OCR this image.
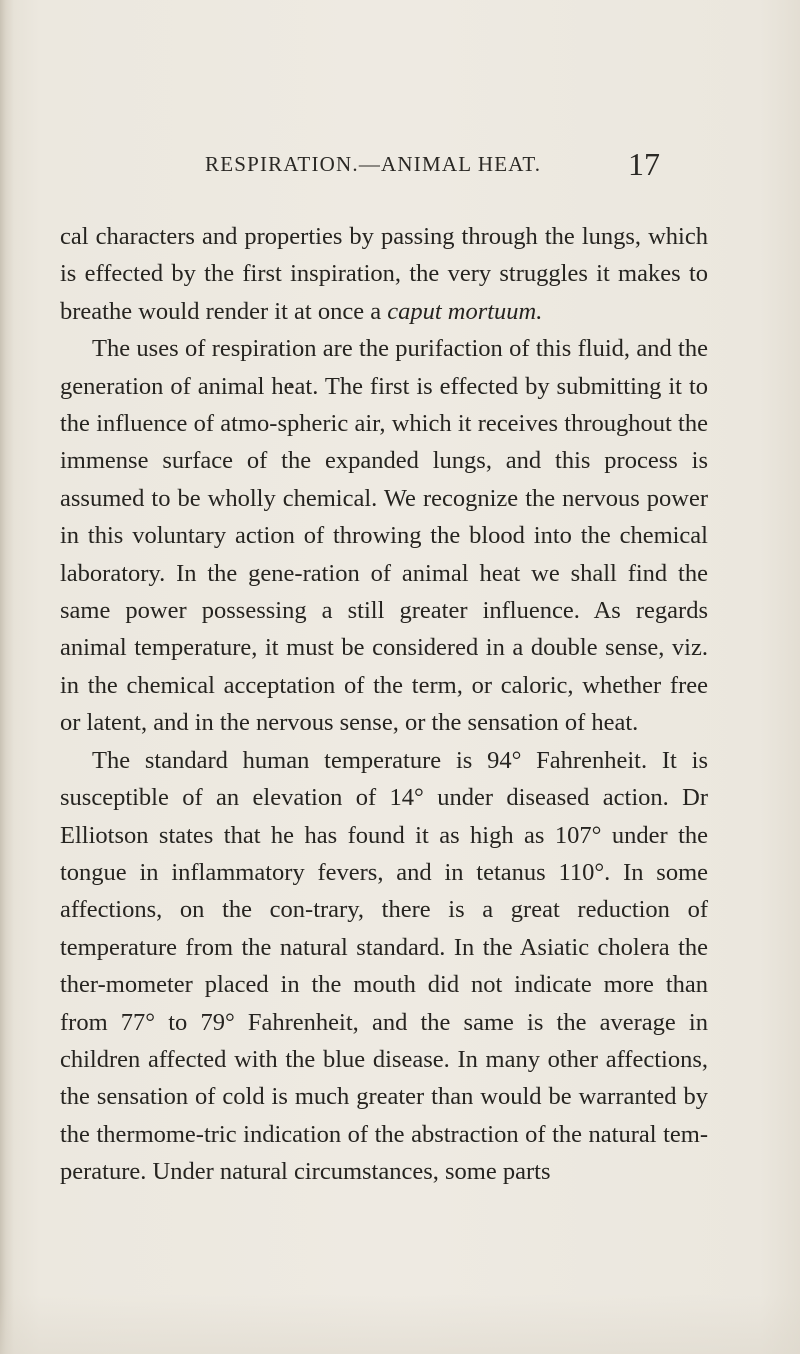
RESPIRATION.—ANIMAL HEAT.	17

cal characters and properties by passing through the lungs, which is effected by the first inspiration, the very struggles it makes to breathe would render it at once a caput mortuum.

The uses of respiration are the purifaction of this fluid, and the generation of animal heat. The first is effected by submitting it to the influence of atmo-spheric air, which it receives throughout the immense surface of the expanded lungs, and this process is assumed to be wholly chemical. We recognize the nervous power in this voluntary action of throwing the blood into the chemical laboratory. In the gene-ration of animal heat we shall find the same power possessing a still greater influence. As regards animal temperature, it must be considered in a double sense, viz. in the chemical acceptation of the term, or caloric, whether free or latent, and in the nervous sense, or the sensation of heat.

The standard human temperature is 94° Fahrenheit. It is susceptible of an elevation of 14° under diseased action. Dr Elliotson states that he has found it as high as 107° under the tongue in inflammatory fevers, and in tetanus 110°. In some affections, on the con-trary, there is a great reduction of temperature from the natural standard. In the Asiatic cholera the ther-mometer placed in the mouth did not indicate more than from 77° to 79° Fahrenheit, and the same is the average in children affected with the blue disease. In many other affections, the sensation of cold is much greater than would be warranted by the thermome-tric indication of the abstraction of the natural tem-perature. Under natural circumstances, some parts
